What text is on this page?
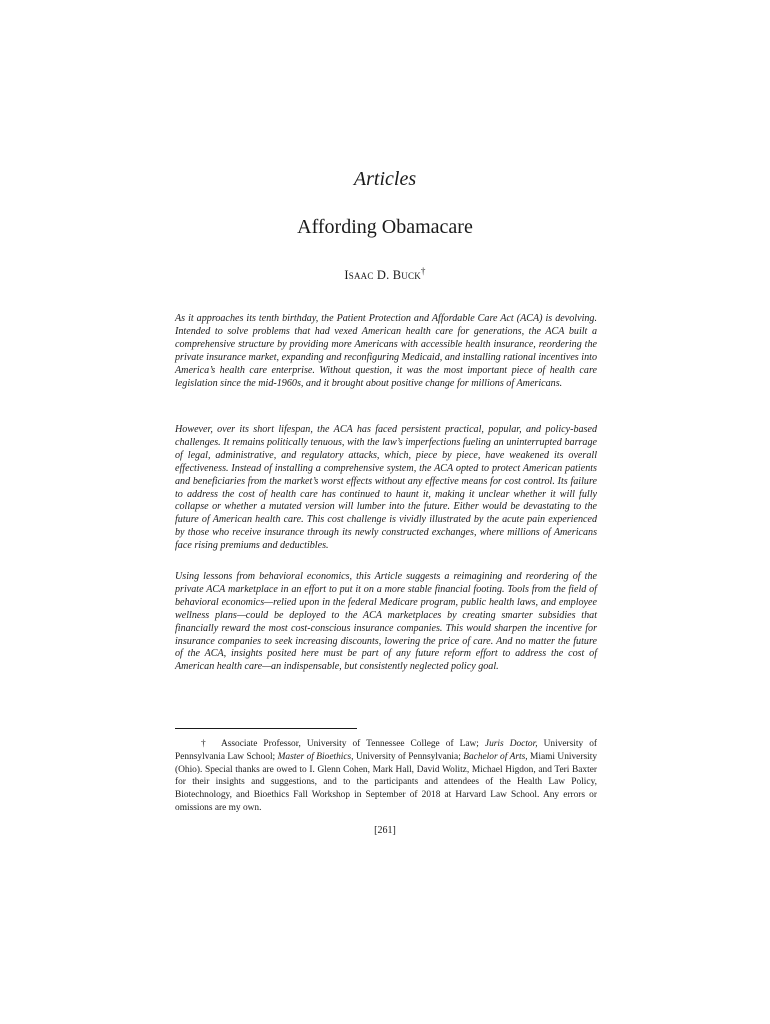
Articles
Affording Obamacare
Isaac D. Buck†

As it approaches its tenth birthday, the Patient Protection and Affordable Care Act (ACA) is devolving. Intended to solve problems that had vexed American health care for generations, the ACA built a comprehensive structure by providing more Americans with accessible health insurance, reordering the private insurance market, expanding and reconfiguring Medicaid, and installing rational incentives into America’s health care enterprise. Without question, it was the most important piece of health care legislation since the mid-1960s, and it brought about positive change for millions of Americans.

However, over its short lifespan, the ACA has faced persistent practical, popular, and policy-based challenges. It remains politically tenuous, with the law’s imperfections fueling an uninterrupted barrage of legal, administrative, and regulatory attacks, which, piece by piece, have weakened its overall effectiveness. Instead of installing a comprehensive system, the ACA opted to protect American patients and beneficiaries from the market’s worst effects without any effective means for cost control. Its failure to address the cost of health care has continued to haunt it, making it unclear whether it will fully collapse or whether a mutated version will lumber into the future. Either would be devastating to the future of American health care. This cost challenge is vividly illustrated by the acute pain experienced by those who receive insurance through its newly constructed exchanges, where millions of Americans face rising premiums and deductibles.

Using lessons from behavioral economics, this Article suggests a reimagining and reordering of the private ACA marketplace in an effort to put it on a more stable financial footing. Tools from the field of behavioral economics—relied upon in the federal Medicare program, public health laws, and employee wellness plans—could be deployed to the ACA marketplaces by creating smarter subsidies that financially reward the most cost-conscious insurance companies. This would sharpen the incentive for insurance companies to seek increasing discounts, lowering the price of care. And no matter the future of the ACA, insights posited here must be part of any future reform effort to address the cost of American health care—an indispensable, but consistently neglected policy goal.

† Associate Professor, University of Tennessee College of Law; Juris Doctor, University of Pennsylvania Law School; Master of Bioethics, University of Pennsylvania; Bachelor of Arts, Miami University (Ohio). Special thanks are owed to I. Glenn Cohen, Mark Hall, David Wolitz, Michael Higdon, and Teri Baxter for their insights and suggestions, and to the participants and attendees of the Health Law Policy, Biotechnology, and Bioethics Fall Workshop in September of 2018 at Harvard Law School. Any errors or omissions are my own.

[261]
